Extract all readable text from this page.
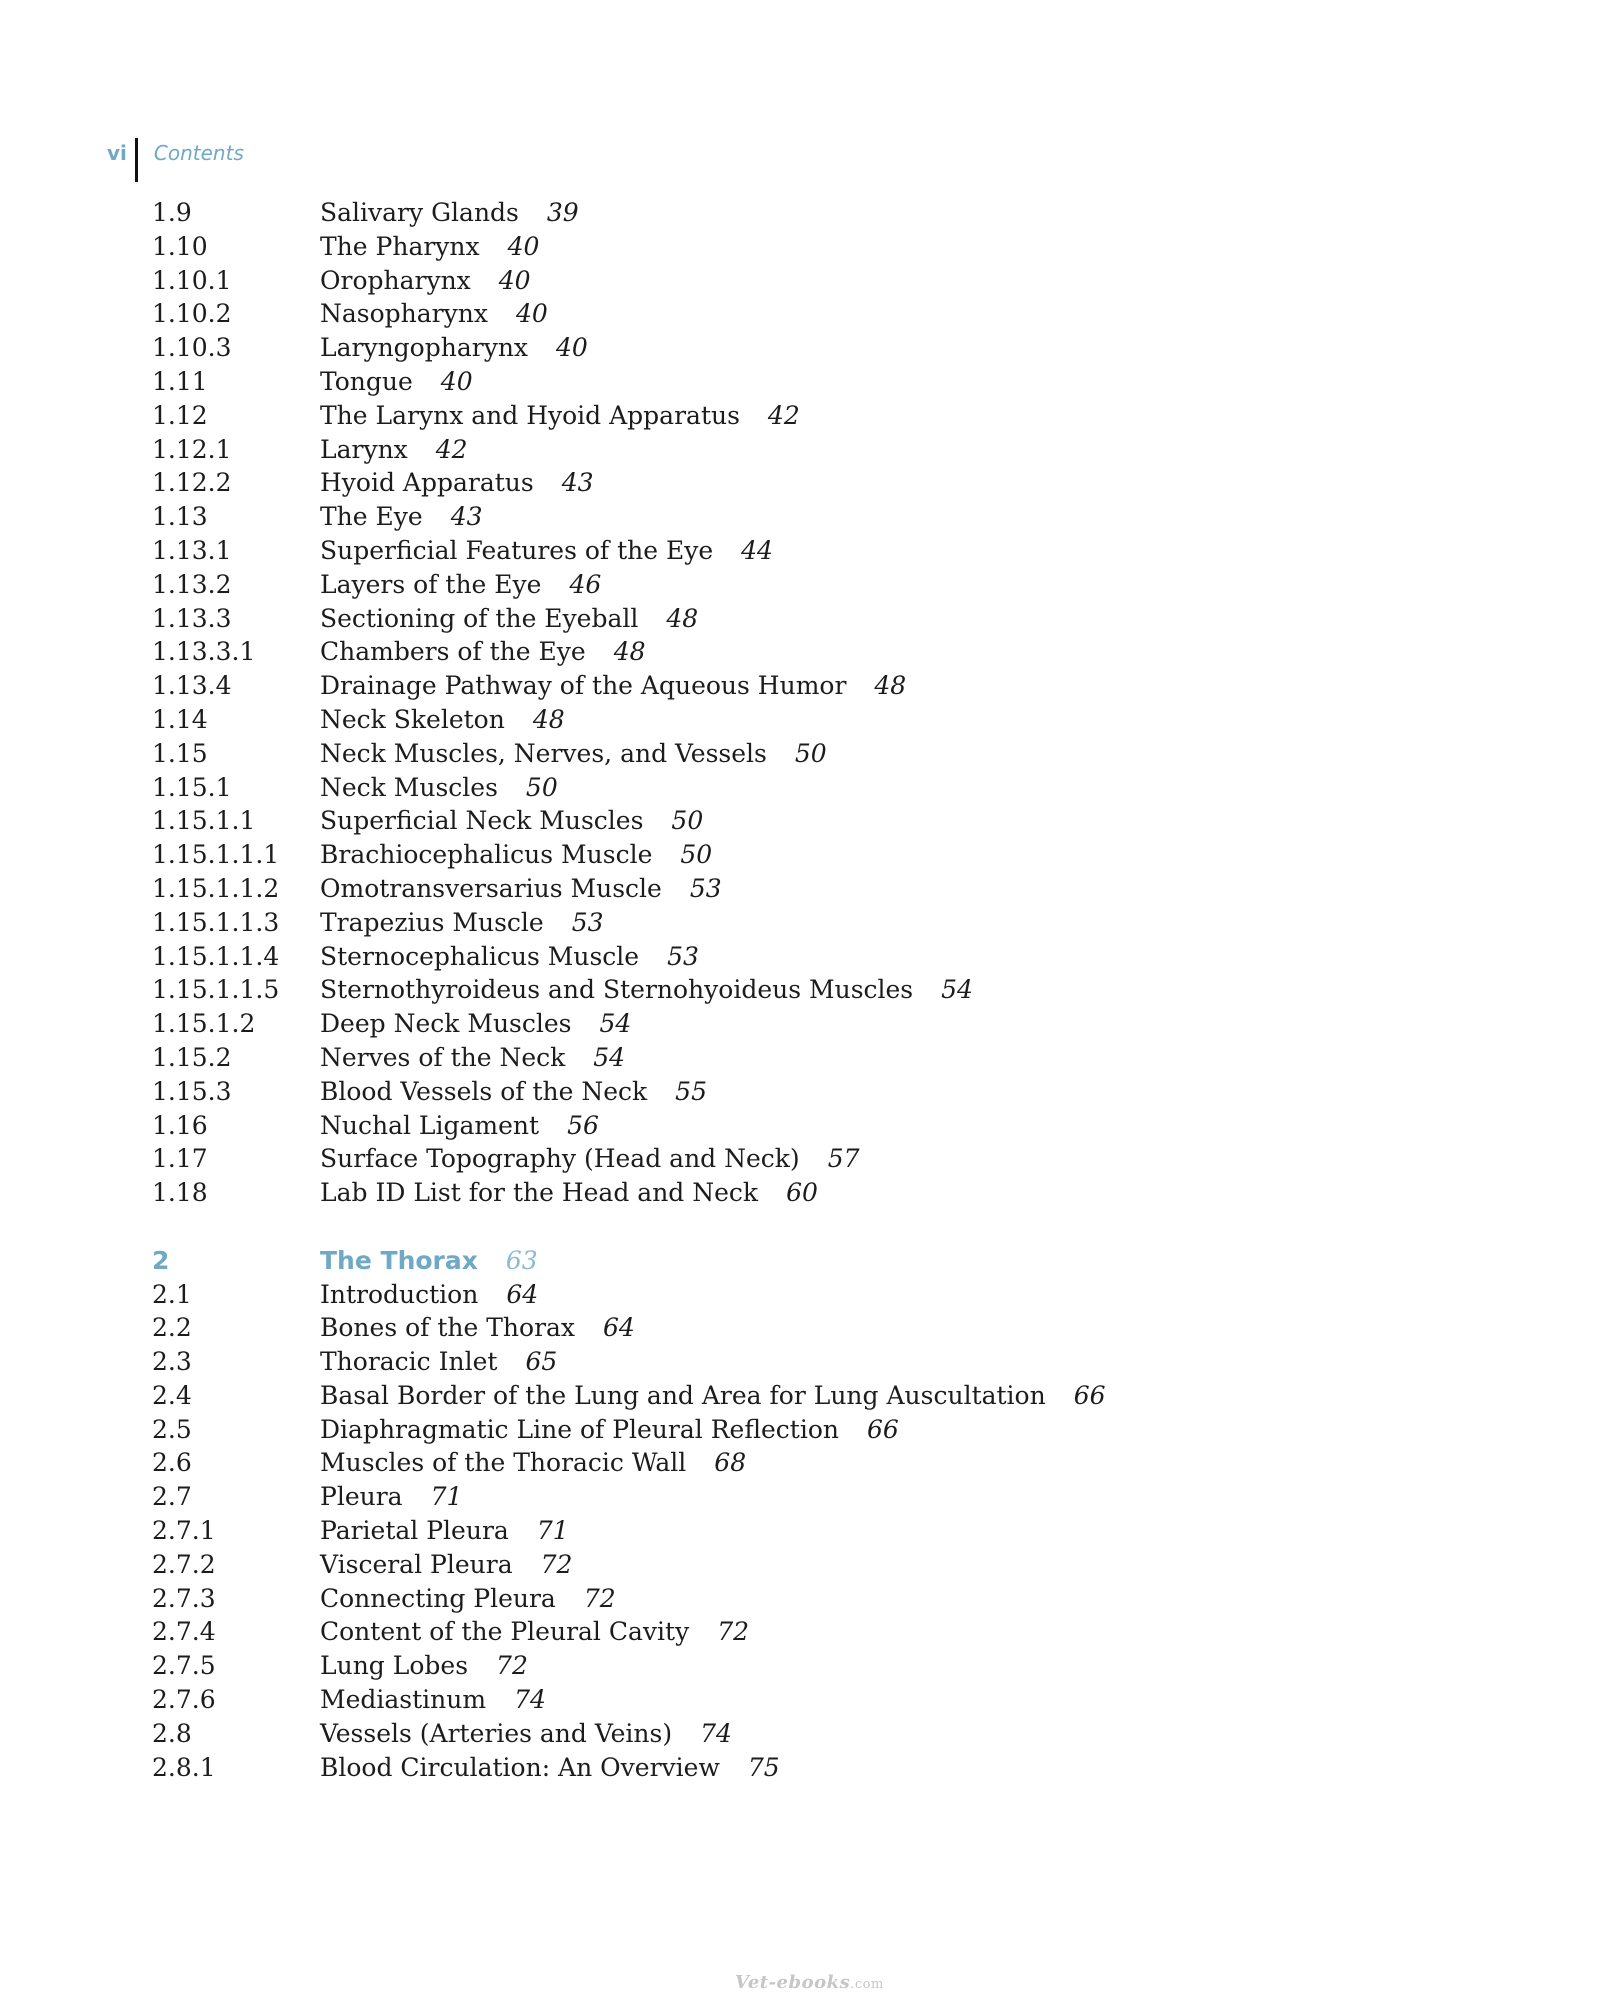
vi Contents
1.9	Salivary Glands 39
1.10	The Pharynx 40
1.10.1	Oropharynx 40
1.10.2	Nasopharynx 40
1.10.3	Laryngopharynx 40
1.11	Tongue 40
1.12	The Larynx and Hyoid Apparatus 42
1.12.1	Larynx 42
1.12.2	Hyoid Apparatus 43
1.13	The Eye 43
1.13.1	Superficial Features of the Eye 44
1.13.2	Layers of the Eye 46
1.13.3	Sectioning of the Eyeball 48
1.13.3.1	Chambers of the Eye 48
1.13.4	Drainage Pathway of the Aqueous Humor 48
1.14	Neck Skeleton 48
1.15	Neck Muscles, Nerves, and Vessels 50
1.15.1	Neck Muscles 50
1.15.1.1	Superficial Neck Muscles 50
1.15.1.1.1	Brachiocephalicus Muscle 50
1.15.1.1.2	Omotransversarius Muscle 53
1.15.1.1.3	Trapezius Muscle 53
1.15.1.1.4	Sternocephalicus Muscle 53
1.15.1.1.5	Sternothyroideus and Sternohyoideus Muscles 54
1.15.1.2	Deep Neck Muscles 54
1.15.2	Nerves of the Neck 54
1.15.3	Blood Vessels of the Neck 55
1.16	Nuchal Ligament 56
1.17	Surface Topography (Head and Neck) 57
1.18	Lab ID List for the Head and Neck 60
2	The Thorax 63
2.1	Introduction 64
2.2	Bones of the Thorax 64
2.3	Thoracic Inlet 65
2.4	Basal Border of the Lung and Area for Lung Auscultation 66
2.5	Diaphragmatic Line of Pleural Reflection 66
2.6	Muscles of the Thoracic Wall 68
2.7	Pleura 71
2.7.1	Parietal Pleura 71
2.7.2	Visceral Pleura 72
2.7.3	Connecting Pleura 72
2.7.4	Content of the Pleural Cavity 72
2.7.5	Lung Lobes 72
2.7.6	Mediastinum 74
2.8	Vessels (Arteries and Veins) 74
2.8.1	Blood Circulation: An Overview 75
Vet-ebooks.com
